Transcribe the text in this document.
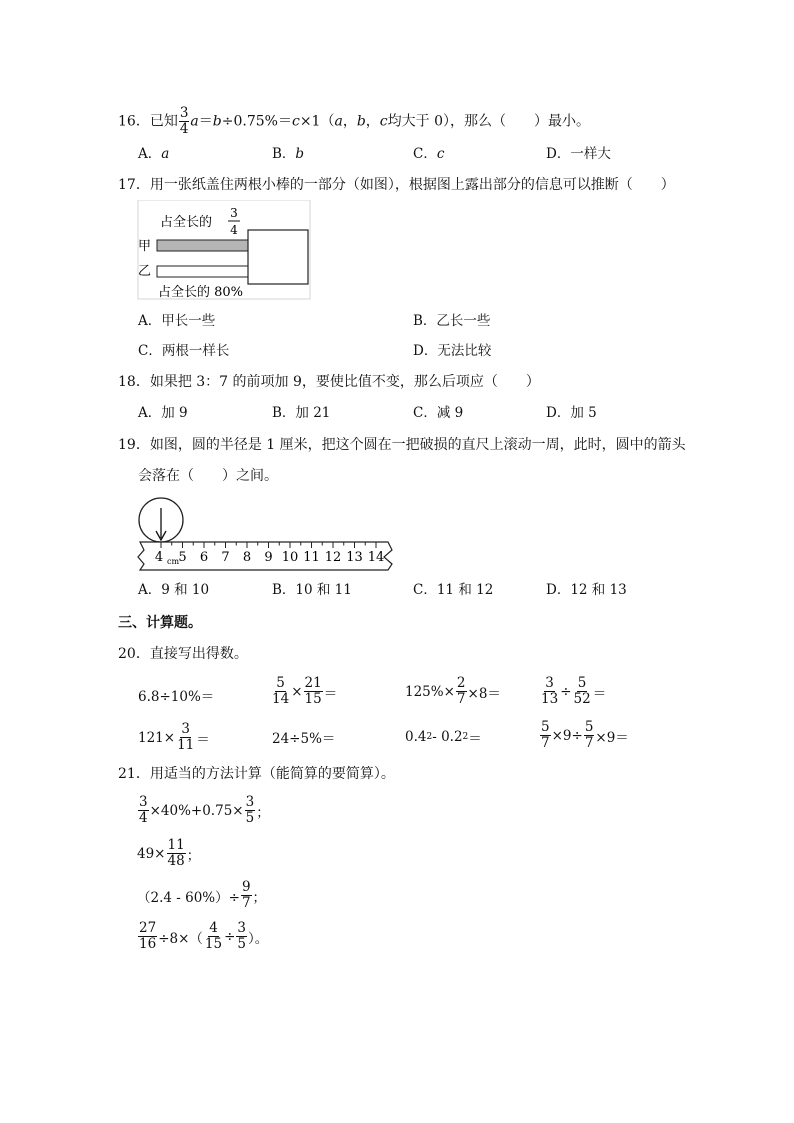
16．已知 $\frac{3}{4} a=b\div 0.75\%=c\times 1(a$，b，c均大于 0），那么（　　）最小。
A．a	B．b	C．c	D．一样大
17．用一张纸盖住两根小棒的一部分（如图），根据图上露出部分的信息可以推断（　　）
占全长的
3
4
甲
乙
占全长的 80%
A．甲长一些	B．乙长一些
C．两根一样长	D．无法比较
18．如果把 3：7 的前项加 9，要使比值不变，那么后项应（　　）
A．加 9	B．加 21	C．减 9	D．加 5
19．如图，圆的半径是 1 厘米，把这个圆在一把破损的直尺上滚动一周，此时，圆中的箭头
会落在（　　）之间。
4 cm 5 6 7 8 9 10 11 12 13 14
A．9 和 10	B．10 和 11	C．11 和 12	D．12 和 13
三、计算题。
20．直接写出得数。
6.8÷10%＝	$\frac{5}{14} \times \frac{21}{15}$ ＝	$125\%\times \frac{2}{7} \times 8=$	$\frac{3}{13} \div \frac{5}{52}$ ＝
$121\times \frac{3}{11}$ ＝	24÷5%＝	0.4 2 - 0.2 2 ＝	$\frac{5}{7} \times 9\div \frac{5}{7} \times 9=$
21．用适当的方法计算（能简算的要简算）。
$\frac{3}{4} \times 40\%+0.75\times \frac{3}{5}$ ；
$49\times \frac{11}{48}$ ；
$(2.4 - 60\%)\div \frac{9}{7}$ ；
$\frac{27}{16} \div 8\times( \frac{4}{15} \div \frac{3}{5}$ ）。
